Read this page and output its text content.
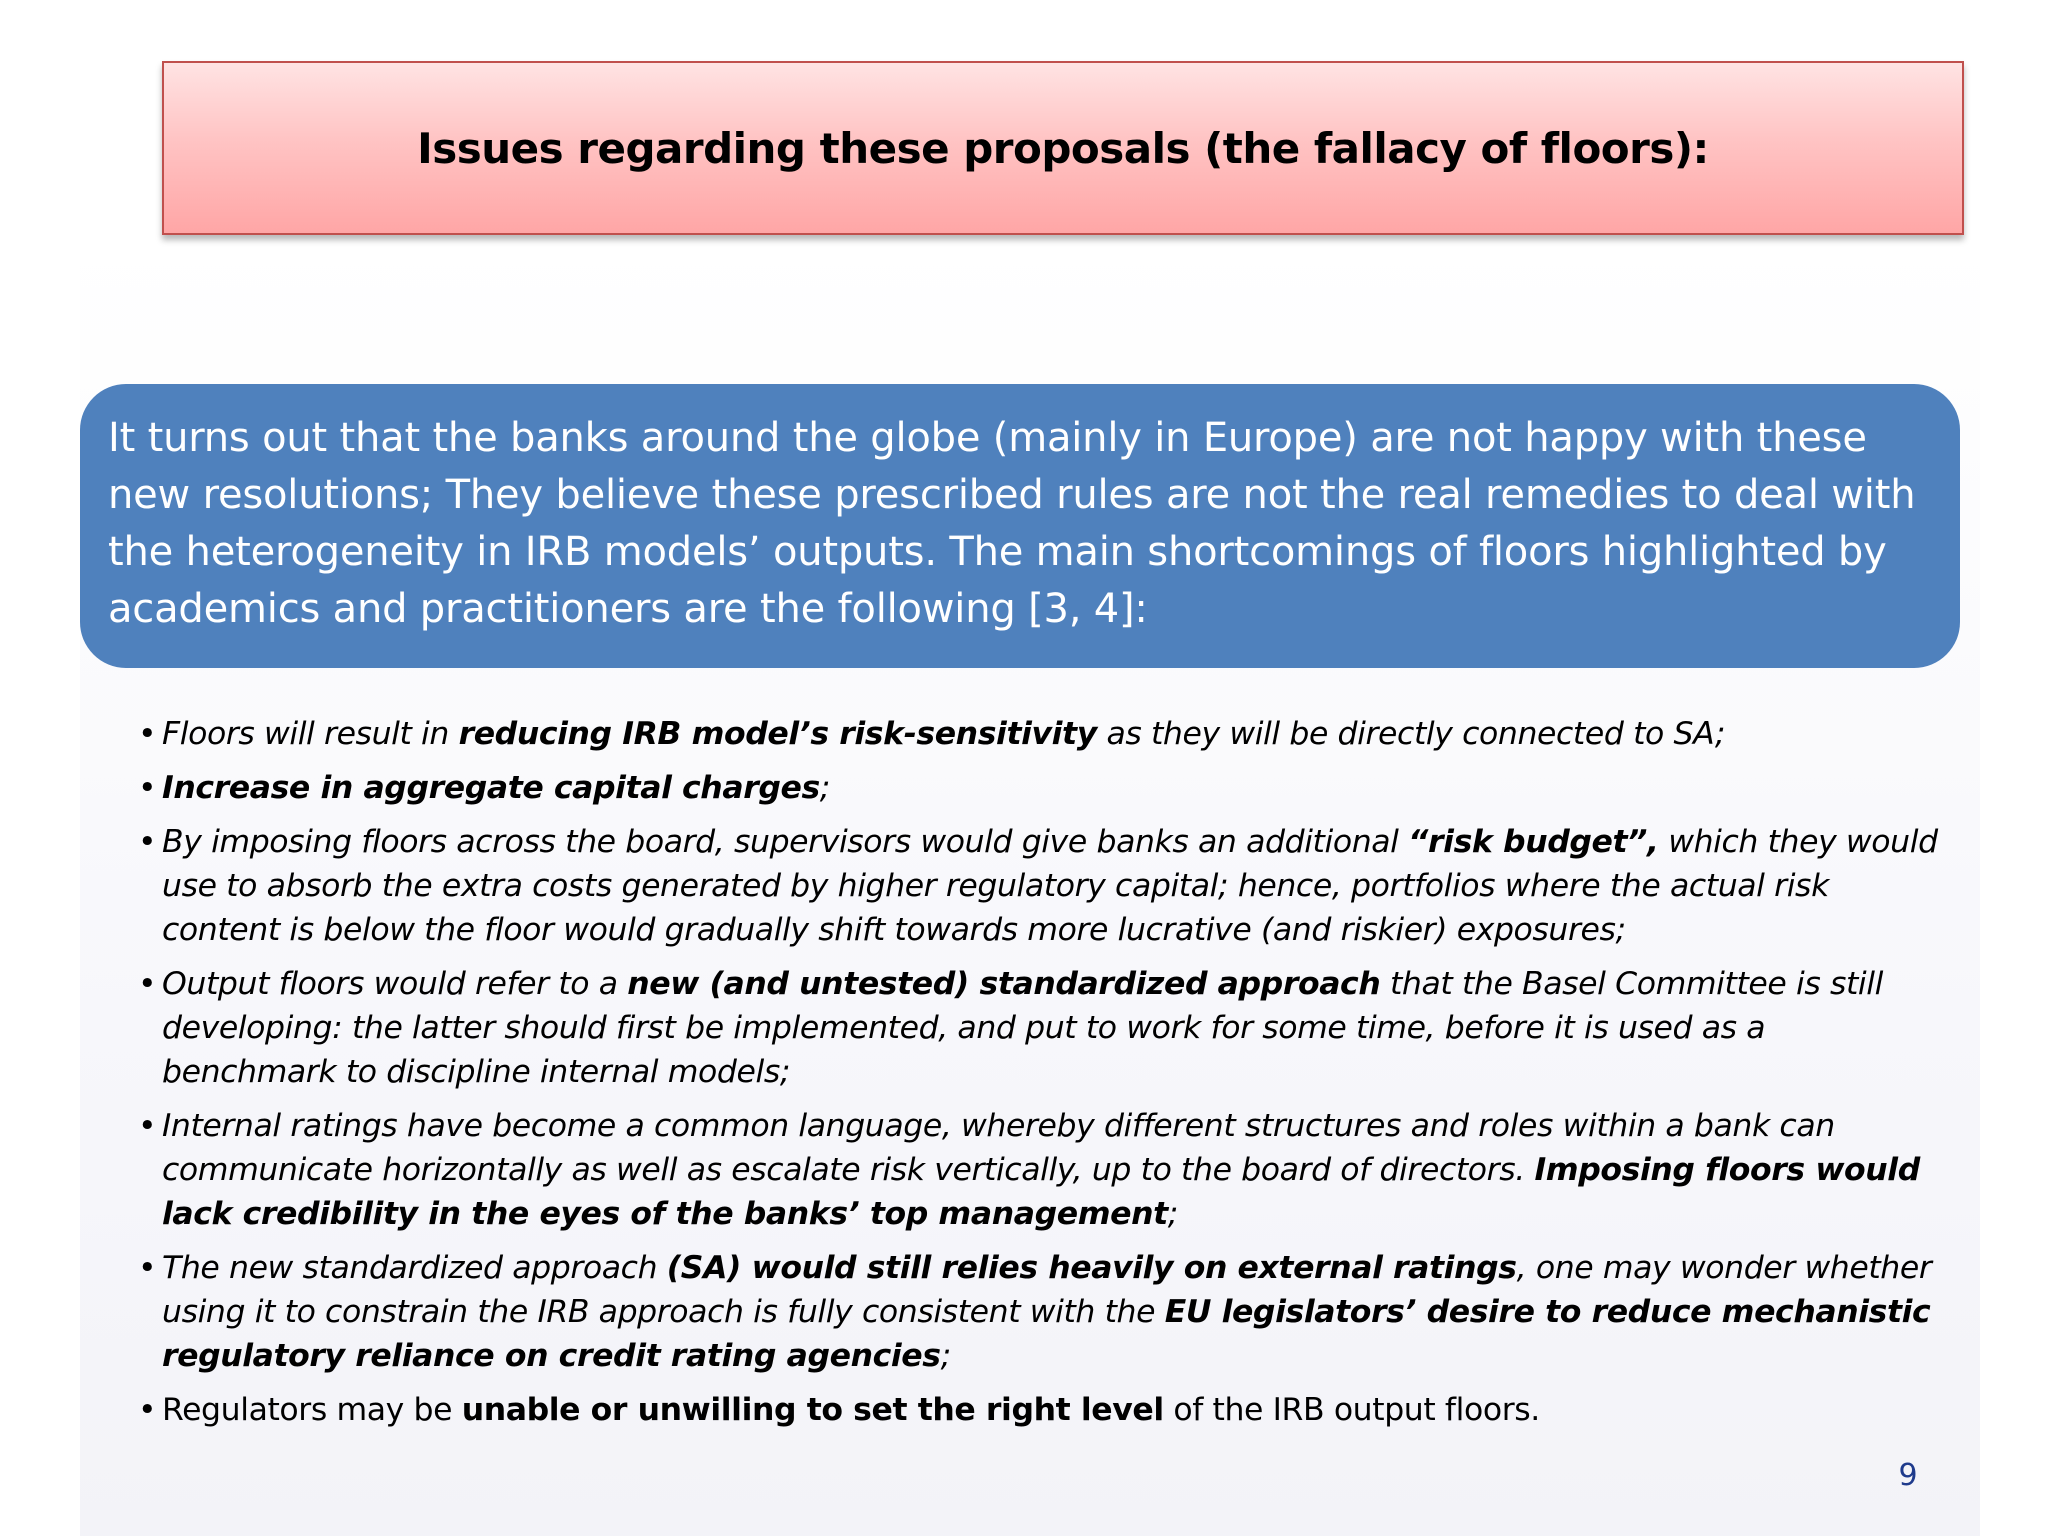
Issues regarding these proposals (the fallacy of floors):
It turns out that the banks around the globe (mainly in Europe) are not happy with these new resolutions; They believe these prescribed rules are not the real remedies to deal with the heterogeneity in IRB models’ outputs. The main shortcomings of floors highlighted by academics and practitioners are the following [3, 4]:
• Floors will result in reducing IRB model’s risk-sensitivity as they will be directly connected to SA;
• Increase in aggregate capital charges;
• By imposing floors across the board, supervisors would give banks an additional “risk budget”, which they would use to absorb the extra costs generated by higher regulatory capital; hence, portfolios where the actual risk content is below the floor would gradually shift towards more lucrative (and riskier) exposures;
• Output floors would refer to a new (and untested) standardized approach that the Basel Committee is still developing: the latter should first be implemented, and put to work for some time, before it is used as a benchmark to discipline internal models;
• Internal ratings have become a common language, whereby different structures and roles within a bank can communicate horizontally as well as escalate risk vertically, up to the board of directors. Imposing floors would lack credibility in the eyes of the banks’ top management;
• The new standardized approach (SA) would still relies heavily on external ratings, one may wonder whether using it to constrain the IRB approach is fully consistent with the EU legislators’ desire to reduce mechanistic regulatory reliance on credit rating agencies;
• Regulators may be unable or unwilling to set the right level of the IRB output floors.
9
